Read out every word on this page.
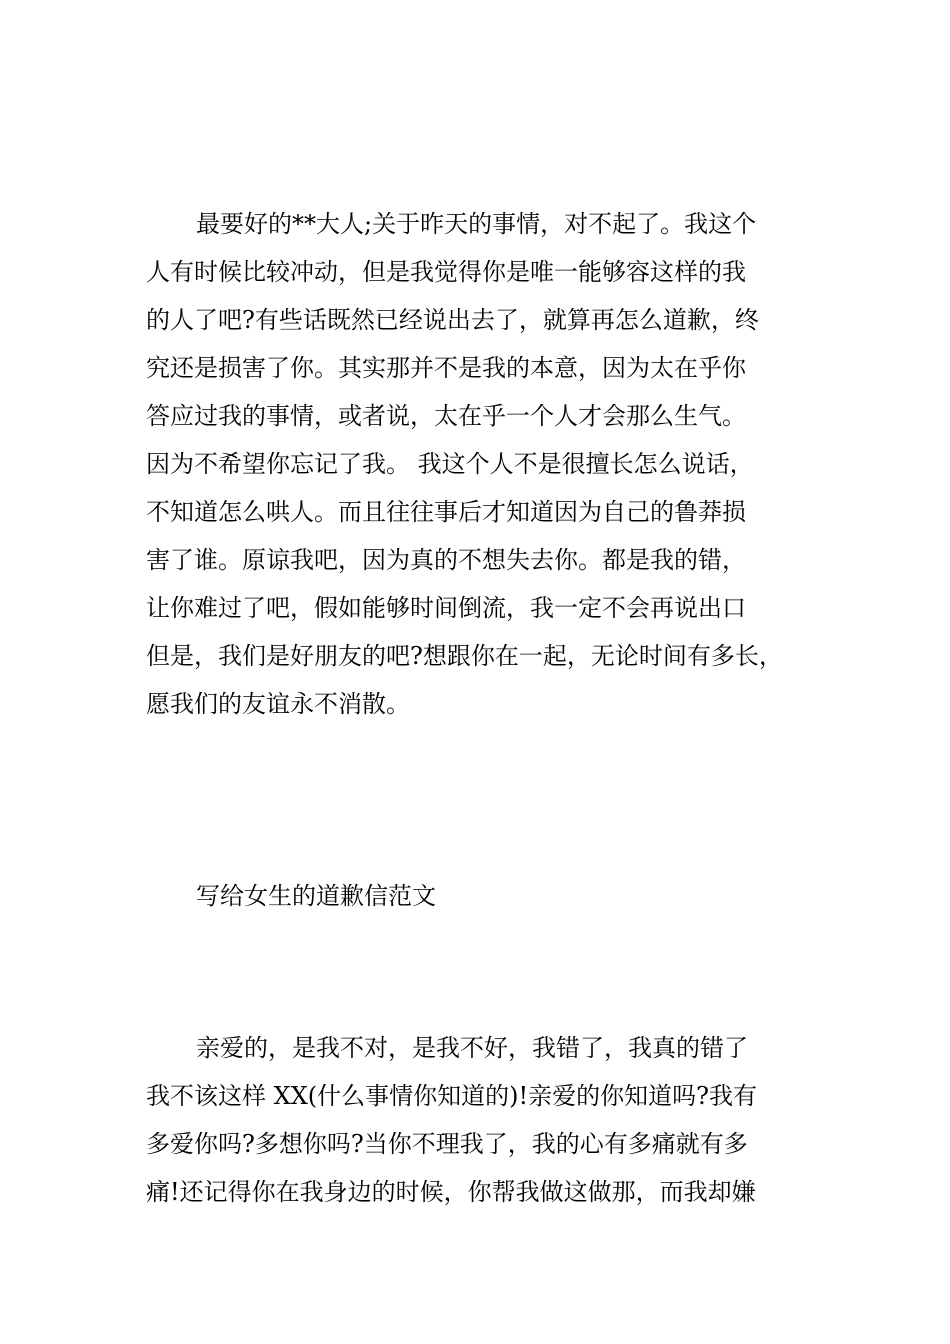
最要好的**大人;关于昨天的事情，对不起了。我这个
人有时候比较冲动，但是我觉得你是唯一能够容这样的我
的人了吧?有些话既然已经说出去了，就算再怎么道歉，终
究还是损害了你。其实那并不是我的本意，因为太在乎你
答应过我的事情，或者说，太在乎一个人才会那么生气。
因为不希望你忘记了我。 我这个人不是很擅长怎么说话，
不知道怎么哄人。而且往往事后才知道因为自己的鲁莽损
害了谁。原谅我吧，因为真的不想失去你。都是我的错，
让你难过了吧，假如能够时间倒流，我一定不会再说出口
但是，我们是好朋友的吧?想跟你在一起，无论时间有多长，
愿我们的友谊永不消散。
写给女生的道歉信范文
亲爱的，是我不对，是我不好，我错了，我真的错了
我不该这样 XX(什么事情你知道的)!亲爱的你知道吗?我有
多爱你吗?多想你吗?当你不理我了，我的心有多痛就有多
痛!还记得你在我身边的时候，你帮我做这做那，而我却嫌
